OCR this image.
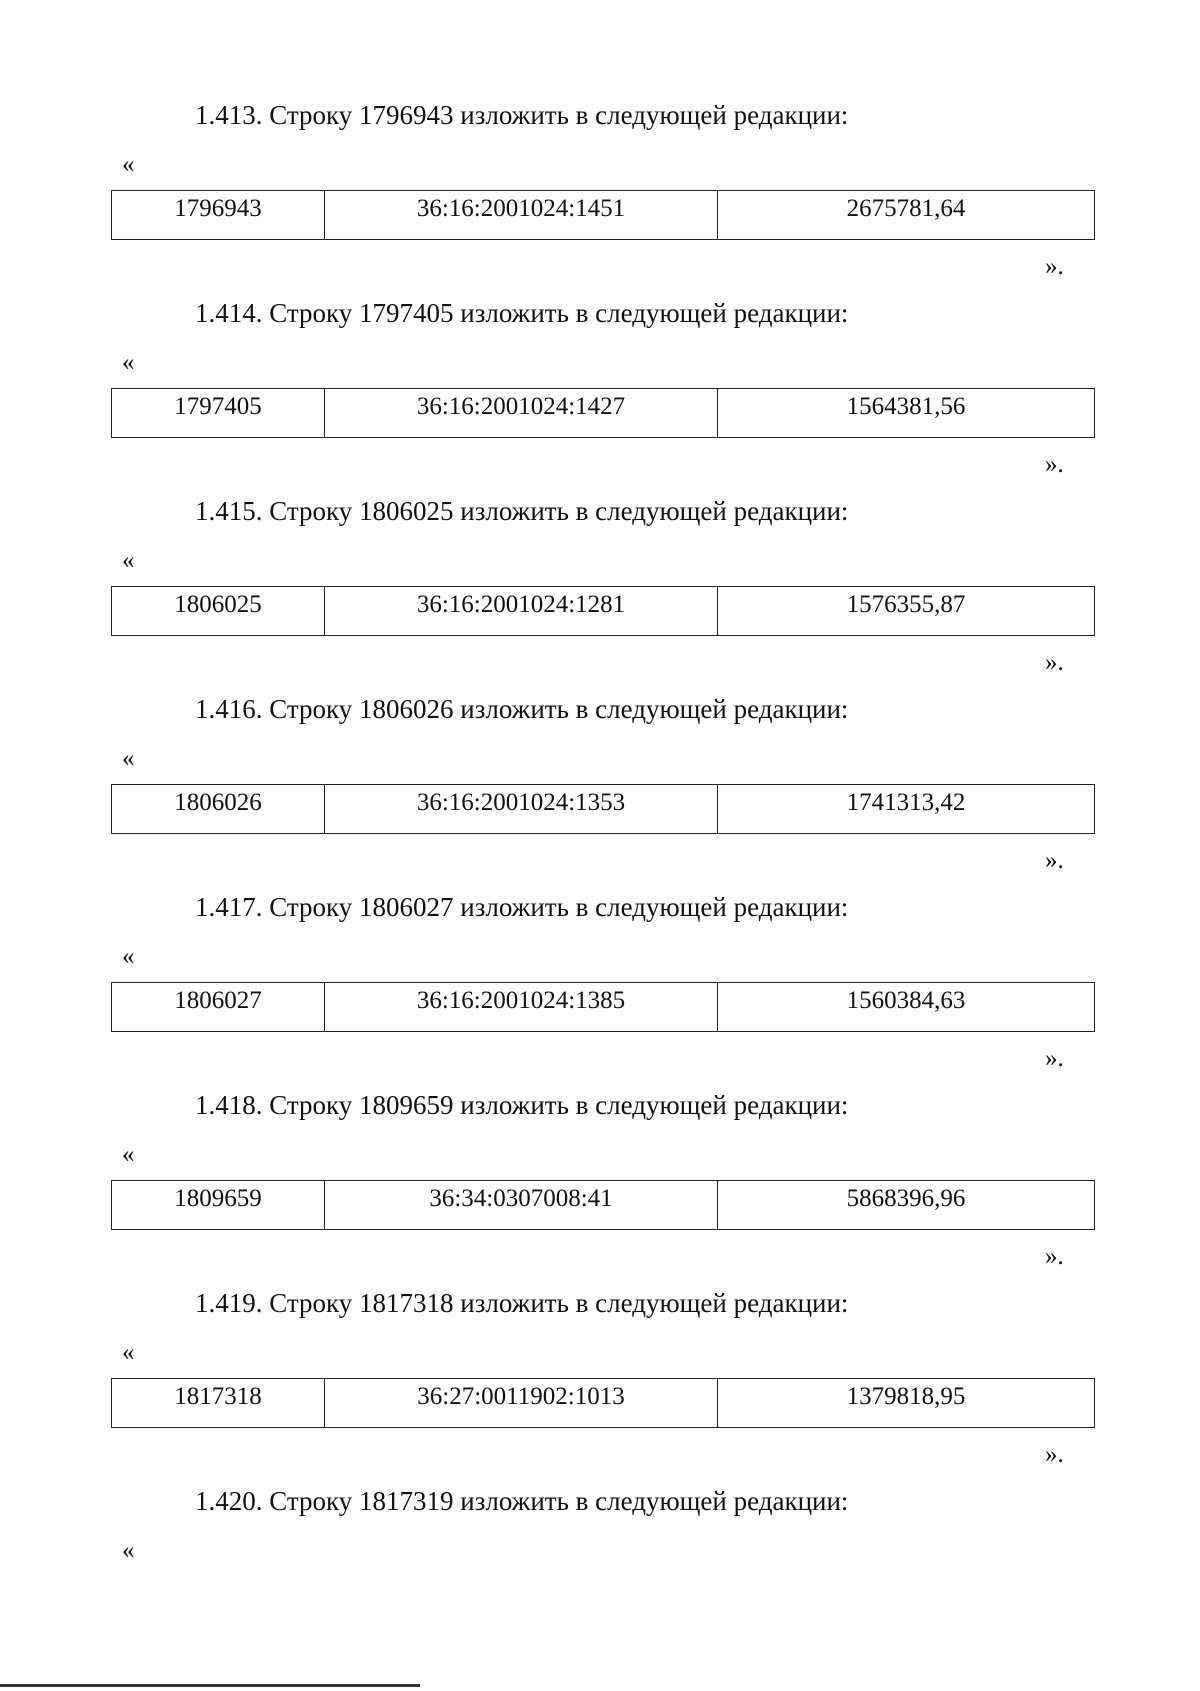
1.413. Строку 1796943 изложить в следующей редакции:
«
1796943	36:16:2001024:1451	2675781,64
».
1.414. Строку 1797405 изложить в следующей редакции:
«
1797405	36:16:2001024:1427	1564381,56
».
1.415. Строку 1806025 изложить в следующей редакции:
«
1806025	36:16:2001024:1281	1576355,87
».
1.416. Строку 1806026 изложить в следующей редакции:
«
1806026	36:16:2001024:1353	1741313,42
».
1.417. Строку 1806027 изложить в следующей редакции:
«
1806027	36:16:2001024:1385	1560384,63
».
1.418. Строку 1809659 изложить в следующей редакции:
«
1809659	36:34:0307008:41	5868396,96
».
1.419. Строку 1817318 изложить в следующей редакции:
«
1817318	36:27:0011902:1013	1379818,95
».
1.420. Строку 1817319 изложить в следующей редакции:
«
